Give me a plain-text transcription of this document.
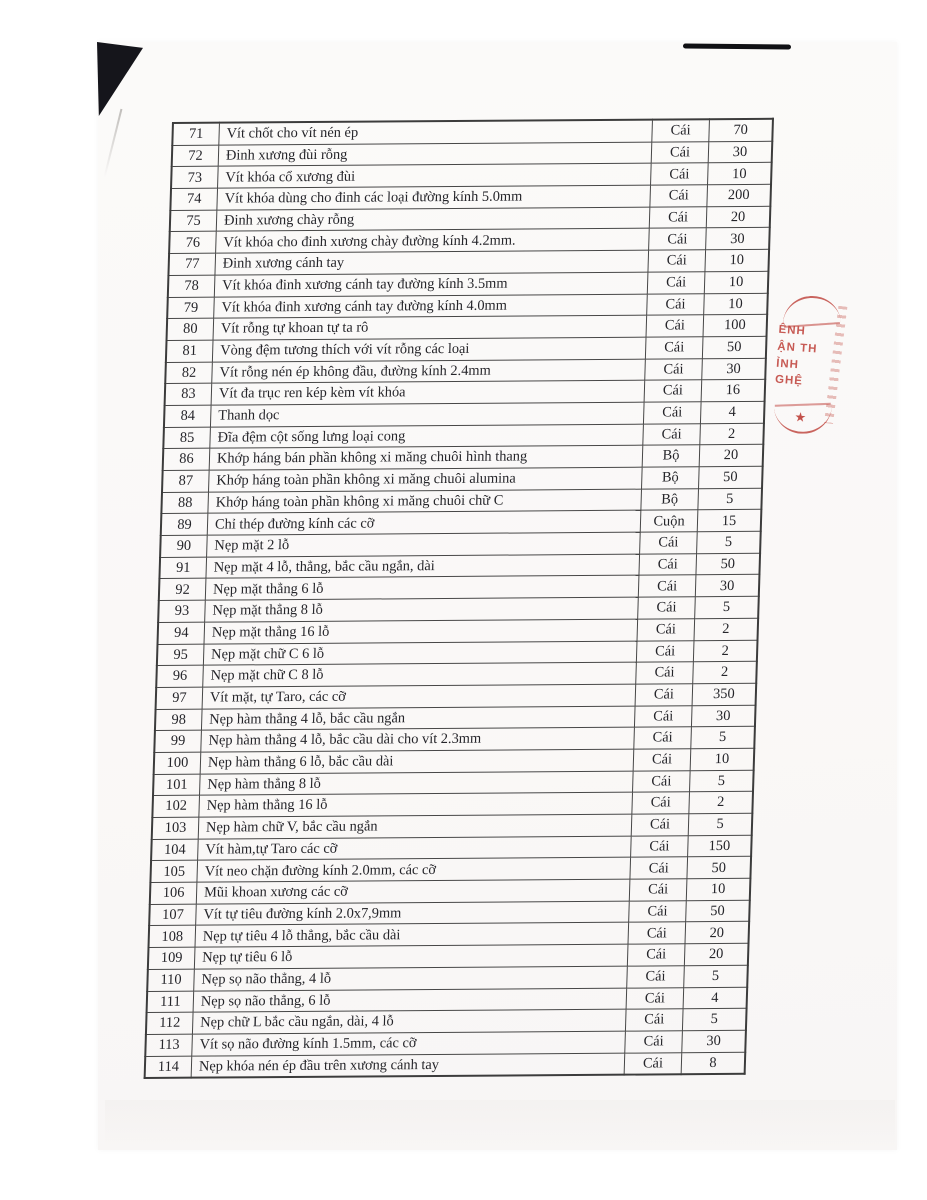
71	Vít chốt cho vít nén ép	Cái	70
72	Đinh xương đùi rỗng	Cái	30
73	Vít khóa cổ xương đùi	Cái	10
74	Vít khóa dùng cho đinh các loại đường kính 5.0mm	Cái	200
75	Đinh xương chày rỗng	Cái	20
76	Vít khóa cho đinh xương chày đường kính 4.2mm.	Cái	30
77	Đinh xương cánh tay	Cái	10
78	Vít khóa đinh xương cánh tay đường kính 3.5mm	Cái	10
79	Vít khóa đinh xương cánh tay đường kính 4.0mm	Cái	10
80	Vít rỗng tự khoan tự ta rô	Cái	100
81	Vòng đệm tương thích với vít rỗng các loại	Cái	50
82	Vít rỗng nén ép không đầu, đường kính 2.4mm	Cái	30
83	Vít đa trục ren kép kèm vít khóa	Cái	16
84	Thanh dọc	Cái	4
85	Đĩa đệm cột sống lưng loại cong	Cái	2
86	Khớp háng bán phần không xi măng chuôi hình thang	Bộ	20
87	Khớp háng toàn phần không xi măng chuôi alumina	Bộ	50
88	Khớp háng toàn phần không xi măng chuôi chữ C	Bộ	5
89	Chỉ thép đường kính các cỡ	Cuộn	15
90	Nẹp mặt 2 lỗ	Cái	5
91	Nẹp mặt 4 lỗ, thẳng, bắc cầu ngắn, dài	Cái	50
92	Nẹp mặt thẳng 6 lỗ	Cái	30
93	Nẹp mặt thẳng 8 lỗ	Cái	5
94	Nẹp mặt thẳng 16 lỗ	Cái	2
95	Nẹp mặt chữ C 6 lỗ	Cái	2
96	Nẹp mặt chữ C 8 lỗ	Cái	2
97	Vít mặt, tự Taro, các cỡ	Cái	350
98	Nẹp hàm thẳng 4 lỗ, bắc cầu ngắn	Cái	30
99	Nẹp hàm thẳng 4 lỗ, bắc cầu dài cho vít 2.3mm	Cái	5
100	Nẹp hàm thẳng 6 lỗ, bắc cầu dài	Cái	10
101	Nẹp hàm thẳng 8 lỗ	Cái	5
102	Nẹp hàm thẳng 16 lỗ	Cái	2
103	Nẹp hàm chữ V, bắc cầu ngắn	Cái	5
104	Vít hàm,tự Taro các cỡ	Cái	150
105	Vít neo chặn đường kính 2.0mm, các cỡ	Cái	50
106	Mũi khoan xương các cỡ	Cái	10
107	Vít tự tiêu đường kính 2.0x7,9mm	Cái	50
108	Nẹp tự tiêu 4 lỗ thẳng, bắc cầu dài	Cái	20
109	Nẹp tự tiêu 6 lỗ	Cái	20
110	Nẹp sọ não thẳng, 4 lỗ	Cái	5
111	Nẹp sọ não thẳng, 6 lỗ	Cái	4
112	Nẹp chữ L bắc cầu ngắn, dài, 4 lỗ	Cái	5
113	Vít sọ não đường kính 1.5mm, các cỡ	Cái	30
114	Nẹp khóa nén ép đầu trên xương cánh tay	Cái	8
ÊNH
ẬN TH
ỈNH
GHỆ
★
